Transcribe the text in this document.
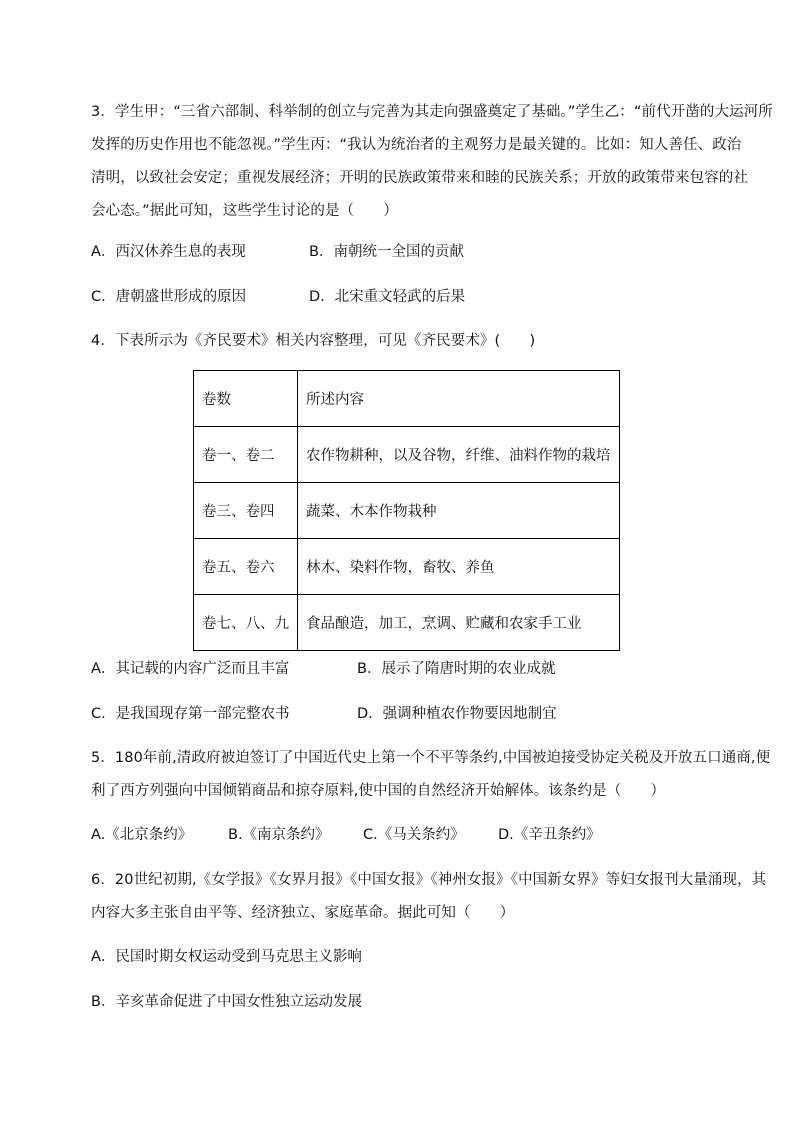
3．学生甲：“三省六部制、科举制的创立与完善为其走向强盛奠定了基础。”学生乙：“前代开凿的大运河所
发挥的历史作用也不能忽视。”学生丙：“我认为统治者的主观努力是最关键的。比如：知人善任、政治
清明，以致社会安定；重视发展经济；开明的民族政策带来和睦的民族关系；开放的政策带来包容的社
会心态。”据此可知，这些学生讨论的是（　　）
A．西汉休养生息的表现	B．南朝统一全国的贡献
C．唐朝盛世形成的原因	D．北宋重文轻武的后果
4．下表所示为《齐民要术》相关内容整理，可见《齐民要术》(　　)
卷数	所述内容
卷一、卷二	农作物耕种，以及谷物，纤维、油料作物的栽培
卷三、卷四	蔬菜、木本作物栽种
卷五、卷六	林木、染料作物，畜牧、养鱼
卷七、八、九	食品酿造，加工，烹调、贮藏和农家手工业
A．其记载的内容广泛而且丰富	B．展示了隋唐时期的农业成就
C．是我国现存第一部完整农书	D．强调种植农作物要因地制宜
5．180年前,清政府被迫签订了中国近代史上第一个不平等条约,中国被迫接受协定关税及开放五口通商,便
利了西方列强向中国倾销商品和掠夺原料,使中国的自然经济开始解体。该条约是（　　）
A.《北京条约》 B.《南京条约》 C.《马关条约》 D.《辛丑条约》
6．20世纪初期,《女学报》《女界月报》《中国女报》《神州女报》《中国新女界》等妇女报刊大量涌现，其
内容大多主张自由平等、经济独立、家庭革命。据此可知（　　）
A．民国时期女权运动受到马克思主义影响
B．辛亥革命促进了中国女性独立运动发展
